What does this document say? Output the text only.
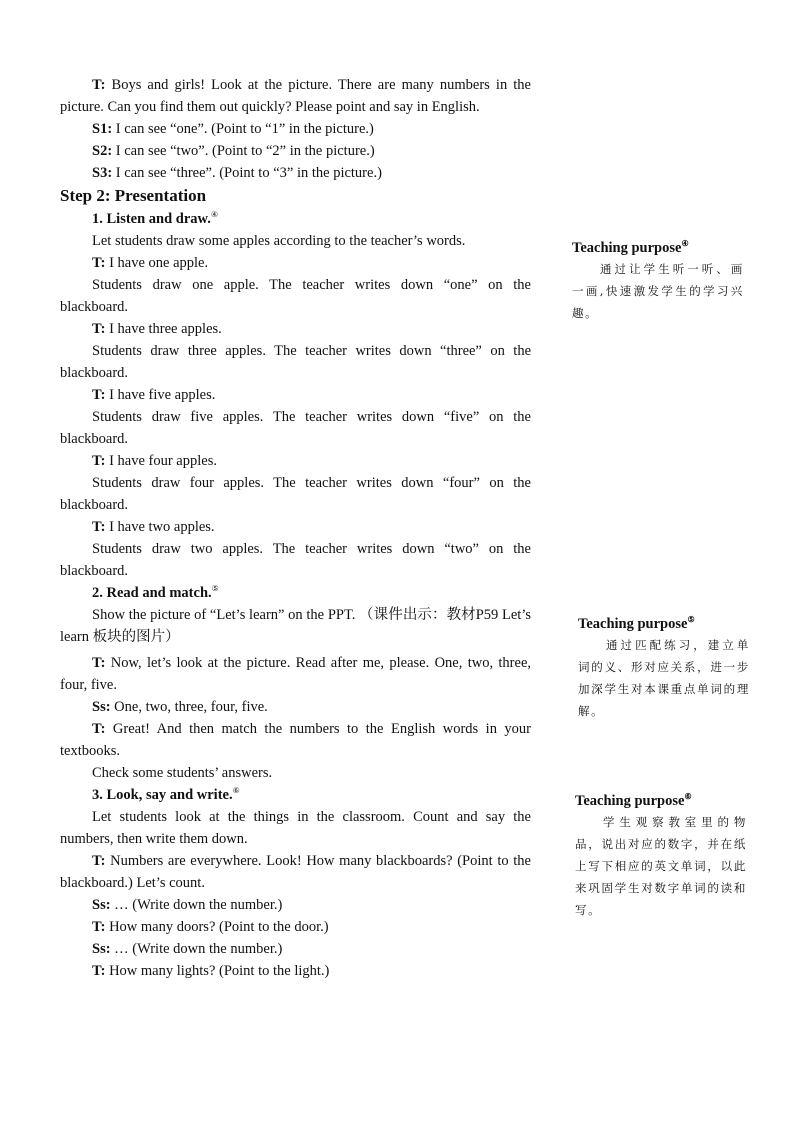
T: Boys and girls! Look at the picture. There are many numbers in the picture. Can you find them out quickly? Please point and say in English.

S1: I can see “one”. (Point to “1” in the picture.)

S2: I can see “two”. (Point to “2” in the picture.)

S3: I can see “three”. (Point to “3” in the picture.)

Step 2: Presentation

1. Listen and draw.④

Let students draw some apples according to the teacher’s words.

T: I have one apple.

Students draw one apple. The teacher writes down “one” on the blackboard.

T: I have three apples.

Students draw three apples. The teacher writes down “three” on the blackboard.

T: I have five apples.

Students draw five apples. The teacher writes down “five” on the blackboard.

T: I have four apples.

Students draw four apples. The teacher writes down “four” on the blackboard.

T: I have two apples.

Students draw two apples. The teacher writes down “two” on the blackboard.

2. Read and match.⑤

Show the picture of “Let’s learn” on the PPT. （课件出示：教材P59 Let’s learn 板块的图片）

T: Now, let’s look at the picture. Read after me, please. One, two, three, four, five.

Ss: One, two, three, four, five.

T: Great! And then match the numbers to the English words in your textbooks.

Check some students’ answers.

3. Look, say and write.⑥

Let students look at the things in the classroom. Count and say the numbers, then write them down.

T: Numbers are everywhere. Look! How many blackboards? (Point to the blackboard.) Let’s count.

Ss: … (Write down the number.)

T: How many doors? (Point to the door.)

Ss: … (Write down the number.)

T: How many lights? (Point to the light.)

Teaching purpose④

通过让学生听一听、画一画,快速激发学生的学习兴趣。

Teaching purpose⑤

通过匹配练习，建立单词的义、形对应关系，进一步加深学生对本课重点单词的理解。

Teaching purpose⑥

学生观察教室里的物品，说出对应的数字，并在纸上写下相应的英文单词，以此来巩固学生对数字单词的读和写。
